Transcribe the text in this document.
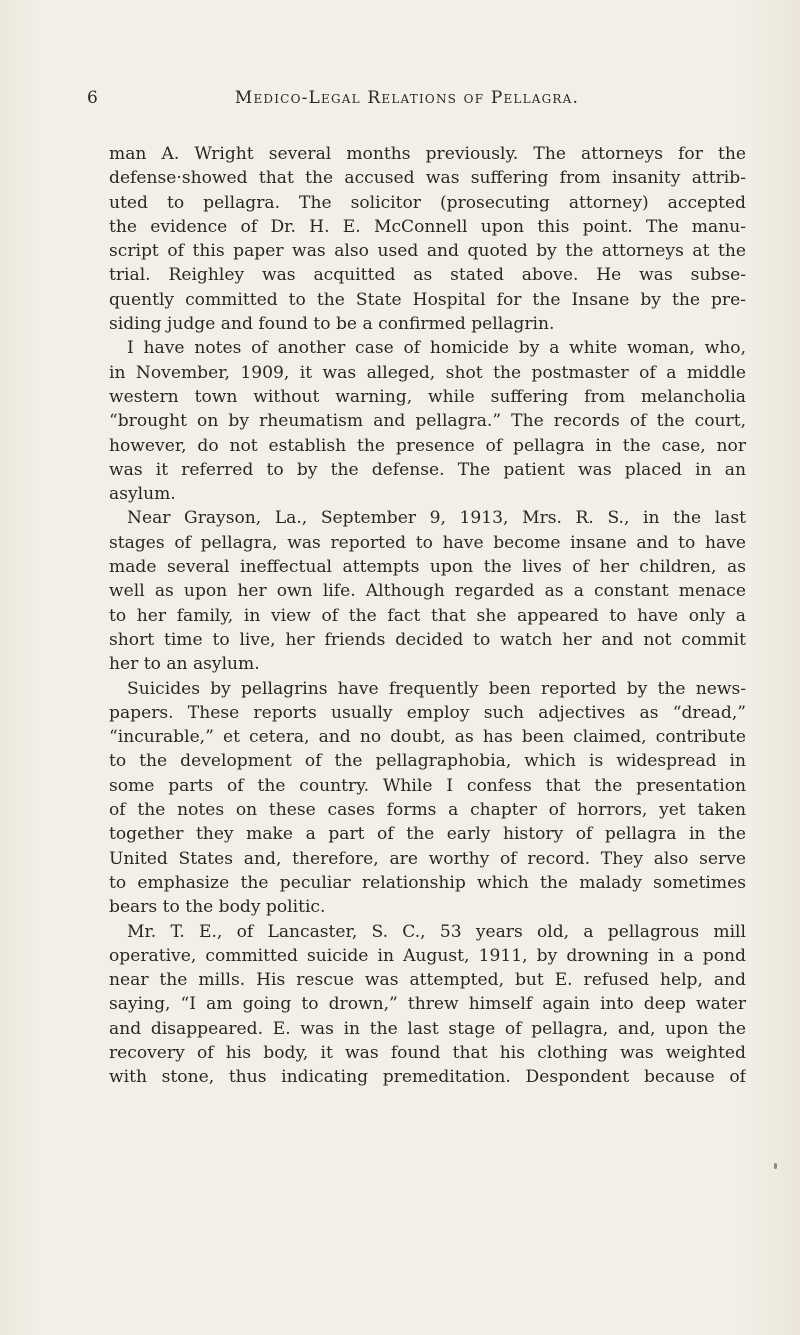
6	Medico-Legal Relations of Pellagra.
man A. Wright several months previously. The attorneys for the
defense·showed that the accused was suffering from insanity attrib-
uted to pellagra. The solicitor (prosecuting attorney) accepted
the evidence of Dr. H. E. McConnell upon this point. The manu-
script of this paper was also used and quoted by the attorneys at the
trial. Reighley was acquitted as stated above. He was subse-
quently committed to the State Hospital for the Insane by the pre-
siding judge and found to be a confirmed pellagrin.
I have notes of another case of homicide by a white woman, who,
in November, 1909, it was alleged, shot the postmaster of a middle
western town without warning, while suffering from melancholia
“brought on by rheumatism and pellagra.” The records of the court,
however, do not establish the presence of pellagra in the case, nor
was it referred to by the defense. The patient was placed in an
asylum.
Near Grayson, La., September 9, 1913, Mrs. R. S., in the last
stages of pellagra, was reported to have become insane and to have
made several ineffectual attempts upon the lives of her children, as
well as upon her own life. Although regarded as a constant menace
to her family, in view of the fact that she appeared to have only a
short time to live, her friends decided to watch her and not commit
her to an asylum.
Suicides by pellagrins have frequently been reported by the news-
papers. These reports usually employ such adjectives as “dread,”
“incurable,” et cetera, and no doubt, as has been claimed, contribute
to the development of the pellagraphobia, which is widespread in
some parts of the country. While I confess that the presentation
of the notes on these cases forms a chapter of horrors, yet taken
together they make a part of the early history of pellagra in the
United States and, therefore, are worthy of record. They also serve
to emphasize the peculiar relationship which the malady sometimes
bears to the body politic.
Mr. T. E., of Lancaster, S. C., 53 years old, a pellagrous mill
operative, committed suicide in August, 1911, by drowning in a pond
near the mills. His rescue was attempted, but E. refused help, and
saying, “I am going to drown,” threw himself again into deep water
and disappeared. E. was in the last stage of pellagra, and, upon the
recovery of his body, it was found that his clothing was weighted
with stone, thus indicating premeditation. Despondent because of
